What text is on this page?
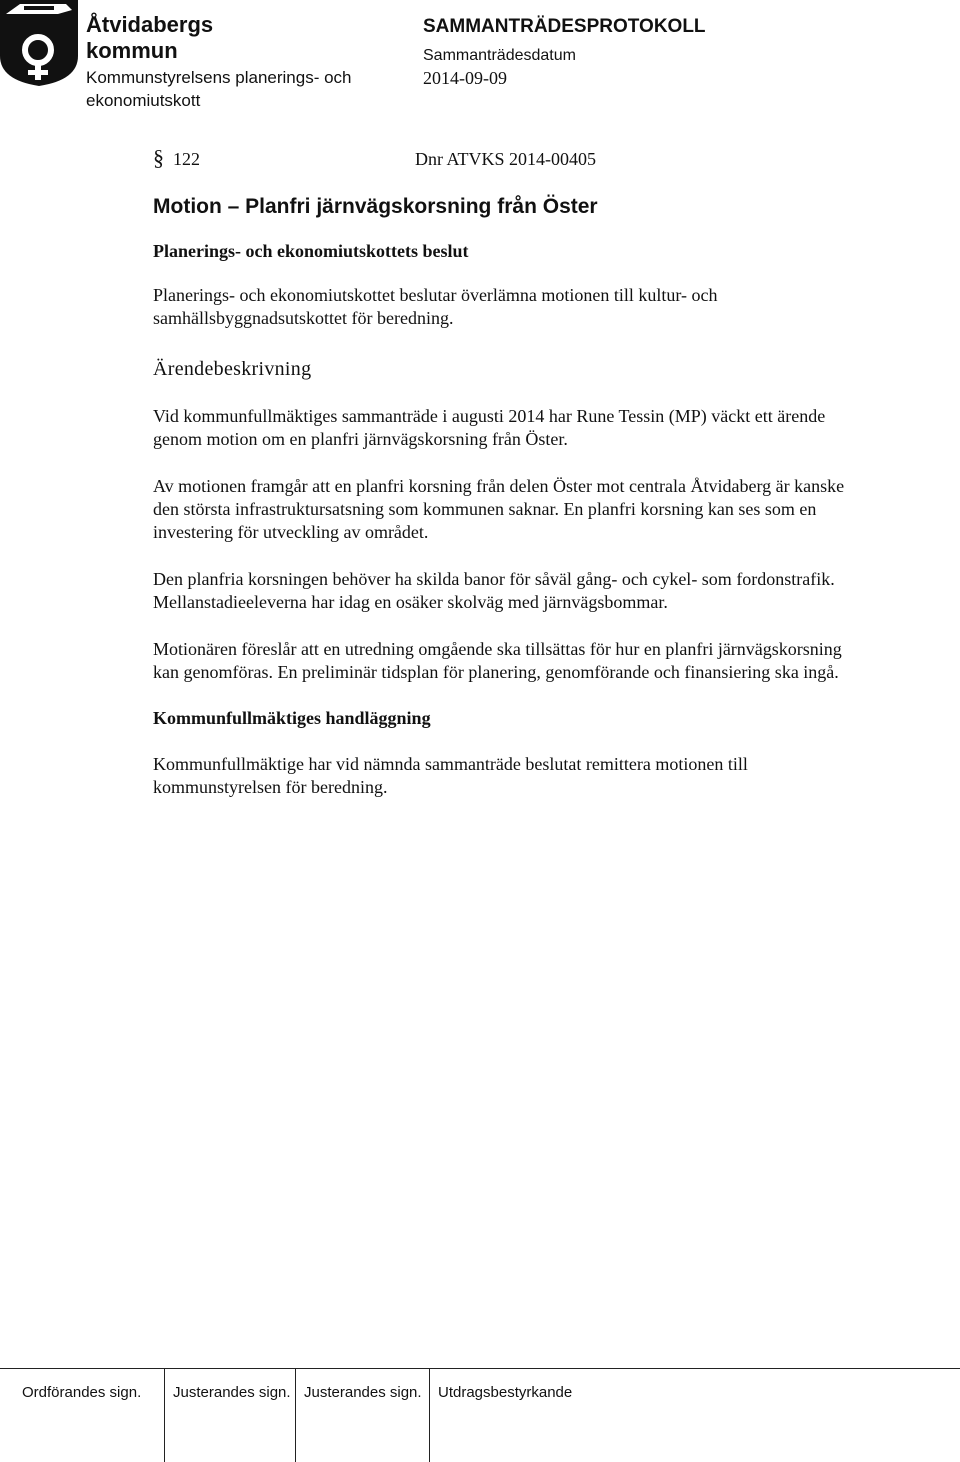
Åtvidabergs
kommun
Kommunstyrelsens planerings- och ekonomiutskott
SAMMANTRÄDESPROTOKOLL
Sammanträdesdatum
2014-09-09
§ 122	Dnr ATVKS 2014-00405
Motion – Planfri järnvägskorsning från Öster
Planerings- och ekonomiutskottets beslut

Planerings- och ekonomiutskottet beslutar överlämna motionen till kultur- och samhällsbyggnadsutskottet för beredning.

Ärendebeskrivning

Vid kommunfullmäktiges sammanträde i augusti 2014 har Rune Tessin (MP) väckt ett ärende genom motion om en planfri järnvägskorsning från Öster.

Av motionen framgår att en planfri korsning från delen Öster mot centrala Åtvidaberg är kanske den största infrastruktursatsning som kommunen saknar. En planfri korsning kan ses som en investering för utveckling av området.

Den planfria korsningen behöver ha skilda banor för såväl gång- och cykel- som fordonstrafik. Mellanstadieeleverna har idag en osäker skolväg med järnvägsbommar.

Motionären föreslår att en utredning omgående ska tillsättas för hur en planfri järnvägskorsning kan genomföras. En preliminär tidsplan för planering, genomförande och finansiering ska ingå.

Kommunfullmäktiges handläggning

Kommunfullmäktige har vid nämnda sammanträde beslutat remittera motionen till kommunstyrelsen för beredning.

Ordförandes sign.	Justerandes sign. Justerandes sign.	Utdragsbestyrkande
